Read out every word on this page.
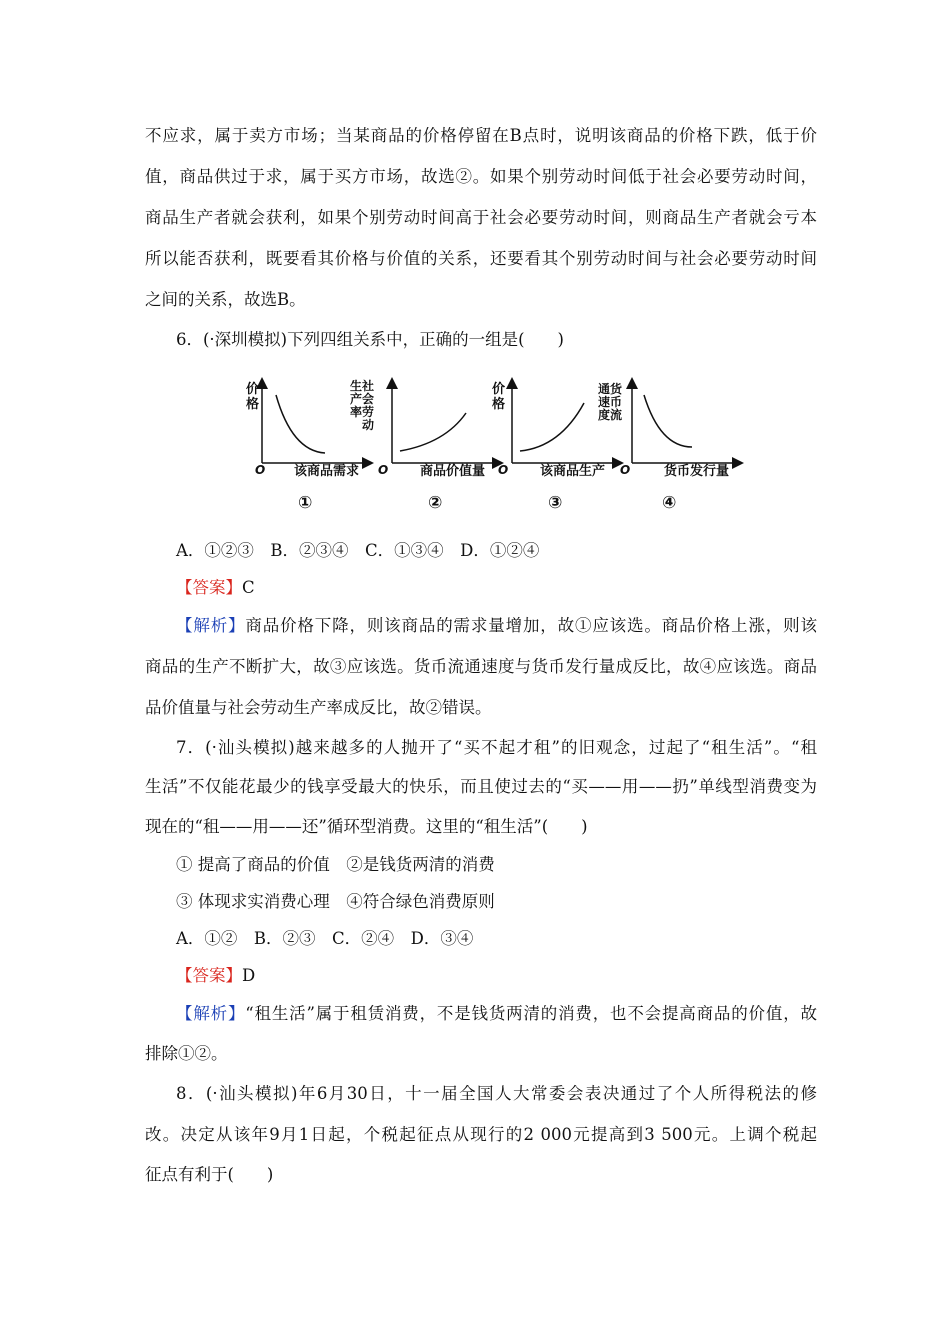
不应求，属于卖方市场；当某商品的价格停留在B点时，说明该商品的价格下跌，低于价
值，商品供过于求，属于买方市场，故选②。如果个别劳动时间低于社会必要劳动时间，
商品生产者就会获利，如果个别劳动时间高于社会必要劳动时间，则商品生产者就会亏本
所以能否获利，既要看其价格与价值的关系，还要看其个别劳动时间与社会必要劳动时间
之间的关系，故选B。
6．(·深圳模拟)下列四组关系中，正确的一组是(　　)
价
格
O 该商品需求
①
生社
产会
率劳
　动
O 商品价值量
②
价
格
O 该商品生产
③
通货
速币
度流
O	货币发行量
④
A．①②③　B．②③④　C．①③④　D．①②④
【答案】C
【解析】商品价格下降，则该商品的需求量增加，故①应该选。商品价格上涨，则该
商品的生产不断扩大，故③应该选。货币流通速度与货币发行量成反比，故④应该选。商品
品价值量与社会劳动生产率成反比，故②错误。
7．(·汕头模拟)越来越多的人抛开了“买不起才租”的旧观念，过起了“租生活”。“租
生活”不仅能花最少的钱享受最大的快乐，而且使过去的“买——用——扔”单线型消费变为
现在的“租——用——还”循环型消费。这里的“租生活”(　　)
① 提高了商品的价值　②是钱货两清的消费
③ 体现求实消费心理　④符合绿色消费原则
A．①②　B．②③　C．②④　D．③④
【答案】D
【解析】“租生活”属于租赁消费，不是钱货两清的消费，也不会提高商品的价值，故
排除①②。
8．(·汕头模拟)年6月30日，十一届全国人大常委会表决通过了个人所得税法的修
改。决定从该年9月1日起，个税起征点从现行的2 000元提高到3 500元。上调个税起
征点有利于(　　)
